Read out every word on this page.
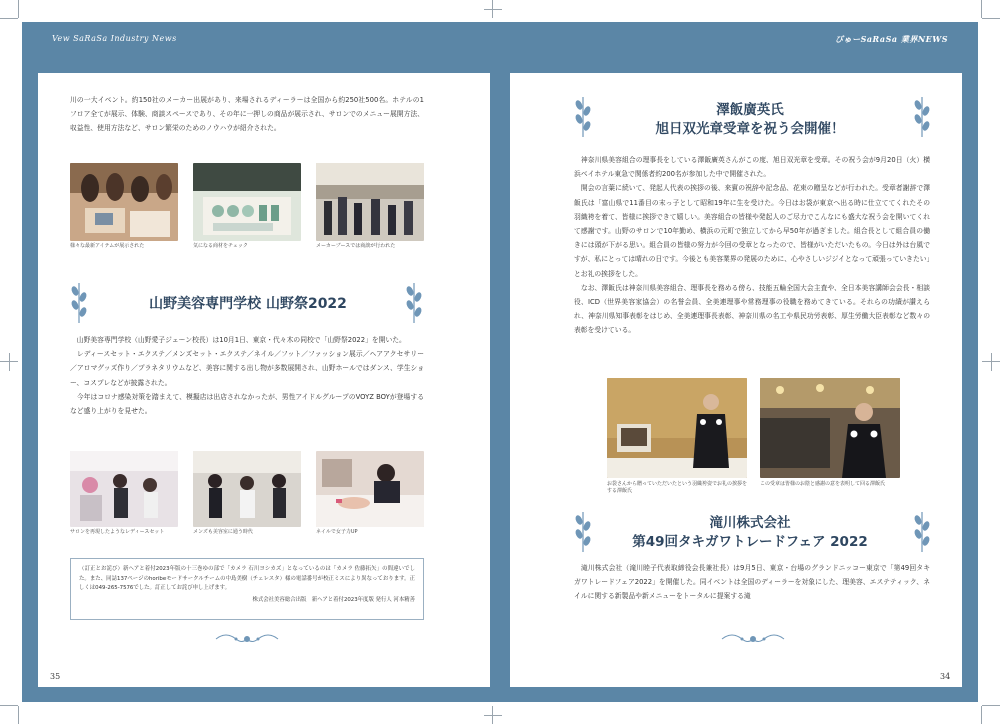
Vew SaRaSa Industry News	びゅーSaRaSa 業界NEWS

川の一大イベント。約150社のメーカー出展があり、来場されるディーラーは全国から約250社500名。ホテルの1フロア全てが展示、体験、商談スペースであり、その年に一押しの商品が展示され、サロンでのメニュー展開方法、収益性、使用方法など、サロン繁栄のためのノウハウが紹介された。

様々な最新アイテムが展示された	気になる商材をチェック	メーカーブースでは商談が行われた
山野美容専門学校 山野祭2022

　山野美容専門学校（山野愛子ジェーン校長）は10月1日、東京・代々木の同校で「山野祭2022」を開いた。
　レディースセット・エクステ／メンズセット・エクステ／ネイル／フット／ファッション展示／ヘアアクセサリー／アロマグッズ作り／プラネタリウムなど、美容に関する出し物が多数展開され、山野ホールではダンス、学生ショー、コスプレなどが披露された。
　今年はコロナ感染対策を踏まえて、模擬店は出店されなかったが、男性アイドルグループのVOYZ BOYが登場するなど盛り上がりを見せた。

サロンを再現したようなレディースセット	メンズも美容室に通う時代	ネイルで女子力UP

（訂正とお詫び）新ヘアと着付2023年版の十三巻ゆの部で「カメラ 石川ヨシカズ」となっているのは「カメラ 佐藤拓矢」の間違いでした。また、同誌137ページのhoribeモードサークルチームの中島美樹（チェレスタ）様の電話番号が校正ミスにより異なっております。正しくは049-265-7576でした。訂正してお詫び申し上げます。

株式会社美容総合出版　新ヘアと着付2023年度版 発行人 河本精善

35
澤飯廣英氏
旭日双光章受章を祝う会開催！

　神奈川県美容組合の理事長をしている澤飯廣英さんがこの度、旭日双光章を受章。その祝う会が9月20日（火）横浜ベイホテル東急で関係者約200名が参加した中で開催された。
　開会の言葉に続いて、発起人代表の挨拶の後、来賓の祝辞や記念品、花束の贈呈などが行われた。受章者謝辞で澤飯氏は「富山県で11番目の末っ子として昭和19年に生を受けた。今日はお袋が東京へ出る時に仕立ててくれたその羽織袴を着て、皆様に挨拶できて嬉しい。美容組合の皆様や発起人のご尽力でこんなにも盛大な祝う会を開いてくれて感謝です。山野のサロンで10年勤め、横浜の元町で独立してから早50年が過ぎました。組合長として組合員の働きには頭が下がる思い。組合員の皆様の努力が今回の受章となったので、皆様がいただいたもの。今日は外は台風ですが、私にとっては晴れの日です。今後とも美容業界の発展のために、心やさしいジジイとなって頑張っていきたい」とお礼の挨拶をした。
　なお、澤飯氏は神奈川県美容組合、理事長を務める傍ら、技能五輪全国大会主査や、全日本美容講師会会長・相談役、ICD（世界美容家協会）の名誉会員、全美連理事や常務理事の役職を務めてきている。それらの功績が讃えられ、神奈川県知事表彰をはじめ、全美連理事長表彰、神奈川県の名工や県民功労表彰、厚生労働大臣表彰など数々の表彰を受けている。

お袋さんから贈っていただいたという羽織袴姿でお礼の挨拶をする澤飯氏
この受章は皆様のお陰と感謝の意を表明して回る澤飯氏
滝川株式会社
第49回タキガワトレードフェア 2022

　滝川株式会社（滝川睦子代表取締役会長兼社長）は9月5日、東京・台場のグランドニッコー東京で「第49回タキガワトレードフェア2022」を開催した。同イベントは全国のディーラーを対象にした、理美容、エステティック、ネイルに関する新製品や新メニューをトータルに提案する滝

34
